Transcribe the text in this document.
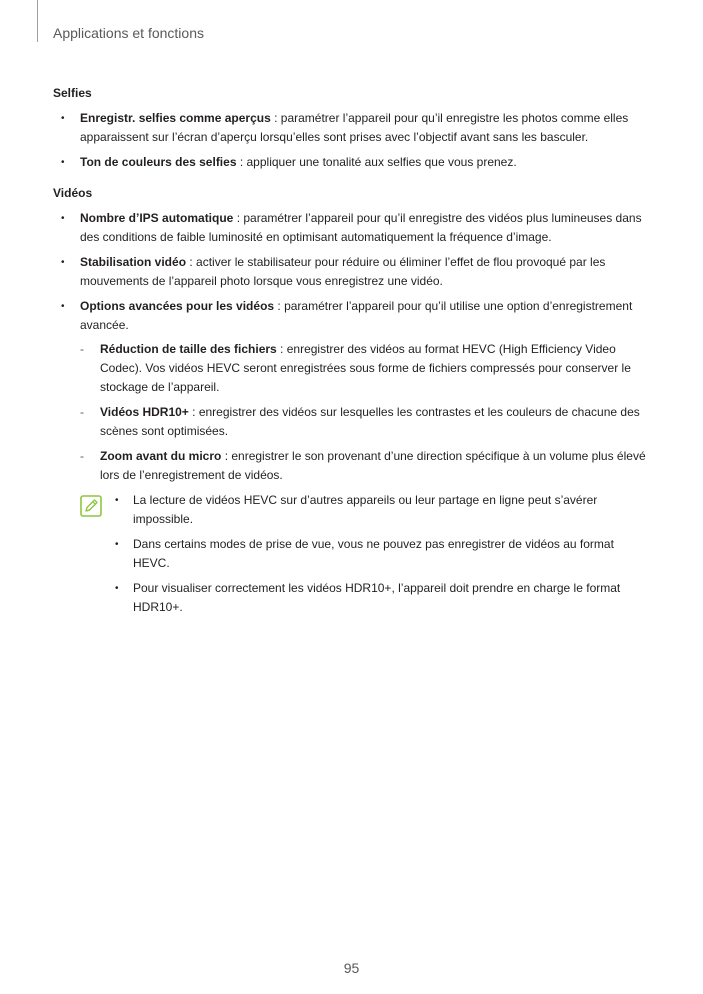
Applications et fonctions

Selfies

• Enregistr. selfies comme aperçus : paramétrer l’appareil pour qu’il enregistre les photos comme elles apparaissent sur l’écran d’aperçu lorsqu’elles sont prises avec l’objectif avant sans les basculer.
• Ton de couleurs des selfies : appliquer une tonalité aux selfies que vous prenez.

Vidéos

• Nombre d’IPS automatique : paramétrer l’appareil pour qu’il enregistre des vidéos plus lumineuses dans des conditions de faible luminosité en optimisant automatiquement la fréquence d’image.
• Stabilisation vidéo : activer le stabilisateur pour réduire ou éliminer l’effet de flou provoqué par les mouvements de l’appareil photo lorsque vous enregistrez une vidéo.
• Options avancées pour les vidéos : paramétrer l’appareil pour qu’il utilise une option d’enregistrement avancée.
- Réduction de taille des fichiers : enregistrer des vidéos au format HEVC (High Efficiency Video Codec). Vos vidéos HEVC seront enregistrées sous forme de fichiers compressés pour conserver le stockage de l’appareil.
- Vidéos HDR10+ : enregistrer des vidéos sur lesquelles les contrastes et les couleurs de chacune des scènes sont optimisées.
- Zoom avant du micro : enregistrer le son provenant d’une direction spécifique à un volume plus élevé lors de l’enregistrement de vidéos.
• La lecture de vidéos HEVC sur d’autres appareils ou leur partage en ligne peut s’avérer impossible.
• Dans certains modes de prise de vue, vous ne pouvez pas enregistrer de vidéos au format HEVC.
• Pour visualiser correctement les vidéos HDR10+, l’appareil doit prendre en charge le format HDR10+.
95
